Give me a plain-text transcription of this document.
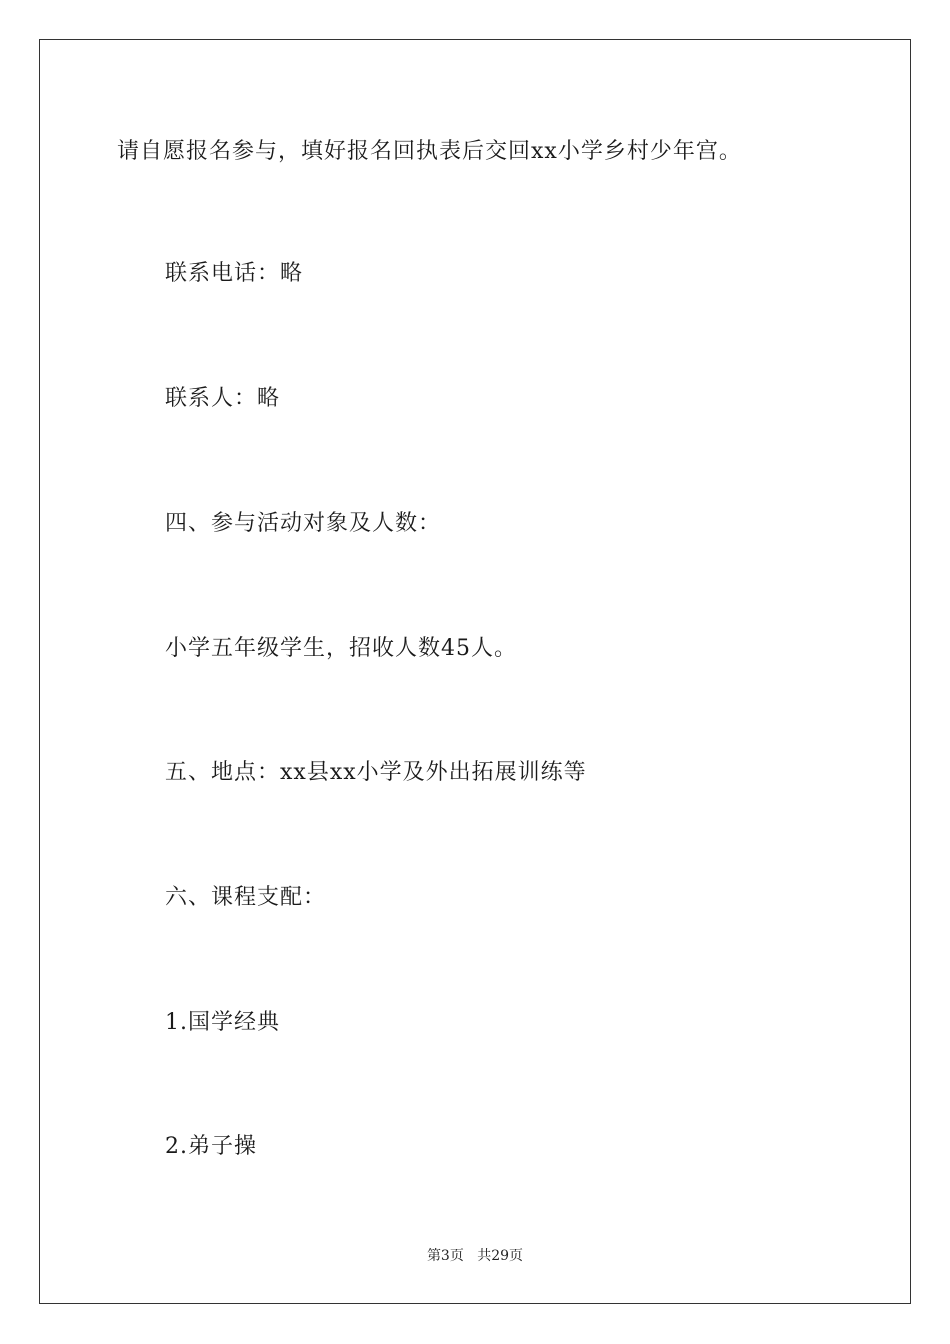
请自愿报名参与，填好报名回执表后交回xx小学乡村少年宫。
联系电话：略
联系人：略
四、参与活动对象及人数：
小学五年级学生，招收人数45人。
五、地点：xx县xx小学及外出拓展训练等
六、课程支配：
1.国学经典
2.弟子操
第3页 共29页
